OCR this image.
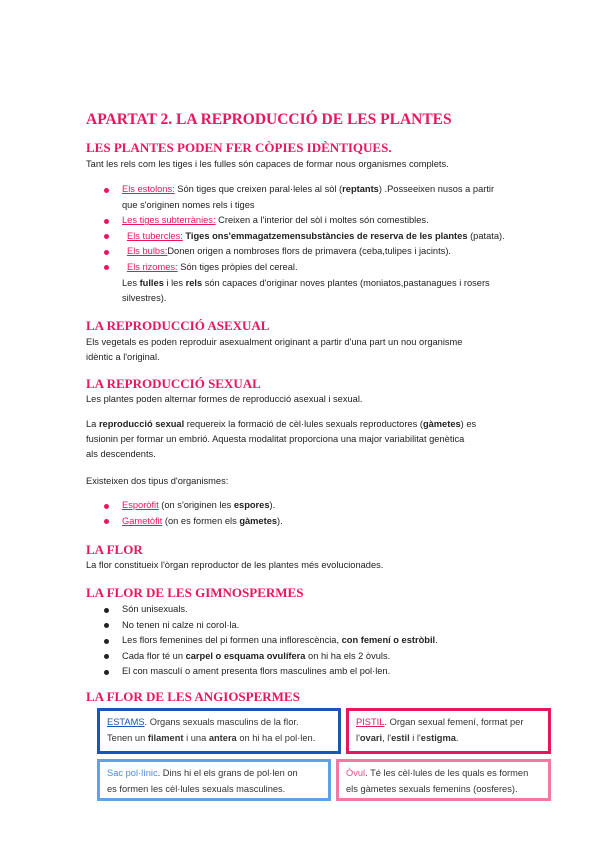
APARTAT 2. LA REPRODUCCIÓ DE LES PLANTES
LES PLANTES PODEN FER CÒPIES IDÈNTIQUES.
Tant les rels com les tiges i les fulles són capaces de formar nous organismes complets.
Els estolons: Són tiges que creixen paral·leles al sòl (reptants) .Posseeixen nusos a partir
que s'originen nomes rels i tiges
Les tiges subterrànies: Creixen a l'interior del sòl i moltes són comestibles.
Els tubercles: Tiges ons'emmagatzemensubstàncies de reserva de les plantes (patata).
Els bulbs:Donen origen a nombroses flors de primavera (ceba,tulipes i jacints).
Els rizomes: Són tiges pròpies del cereal.
Les fulles i les rels són capaces d'originar noves plantes (moniatos,pastanagues i rosers
silvestres).
LA REPRODUCCIÓ ASEXUAL
Els vegetals es poden reproduir asexualment originant a partir d'una part un nou organisme
idèntic a l'original.
LA REPRODUCCIÓ SEXUAL
Les plantes poden alternar formes de reproducció asexual i sexual.
La reproducció sexual requereix la formació de cèl·lules sexuals reproductores (gàmetes) es
fusionin per formar un embrió. Aquesta modalitat proporciona una major variabilitat genètica
als descendents.
Existeixen dos tipus d'organismes:
Esporòfit (on s'originen les espores).
Gametòfit (on es formen els gàmetes).
LA FLOR
La flor constitueix l'òrgan reproductor de les plantes més evolucionades.
LA FLOR DE LES GIMNOSPERMES
Són unisexuals.
No tenen ni calze ni corol·la.
Les flors femenines del pi formen una inflorescència, con femení o estròbil.
Cada flor té un carpel o esquama ovulífera on hi ha els 2 òvuls.
El con masculí o ament presenta flors masculines amb el pol·len.
LA FLOR DE LES ANGIOSPERMES
ESTAMS. Organs sexuals masculins de la flor.
Tenen un filament i una antera on hi ha el pol·len.
PISTIL. Organ sexual femení, format per
l'ovari, l'estil i l'estigma.
Sac pol·línic. Dins hi el els grans de pol·len on
es formen les cèl·lules sexuals masculines.
Òvul. Té les cèl·lules de les quals es formen
els gàmetes sexuals femenins (oosferes).
